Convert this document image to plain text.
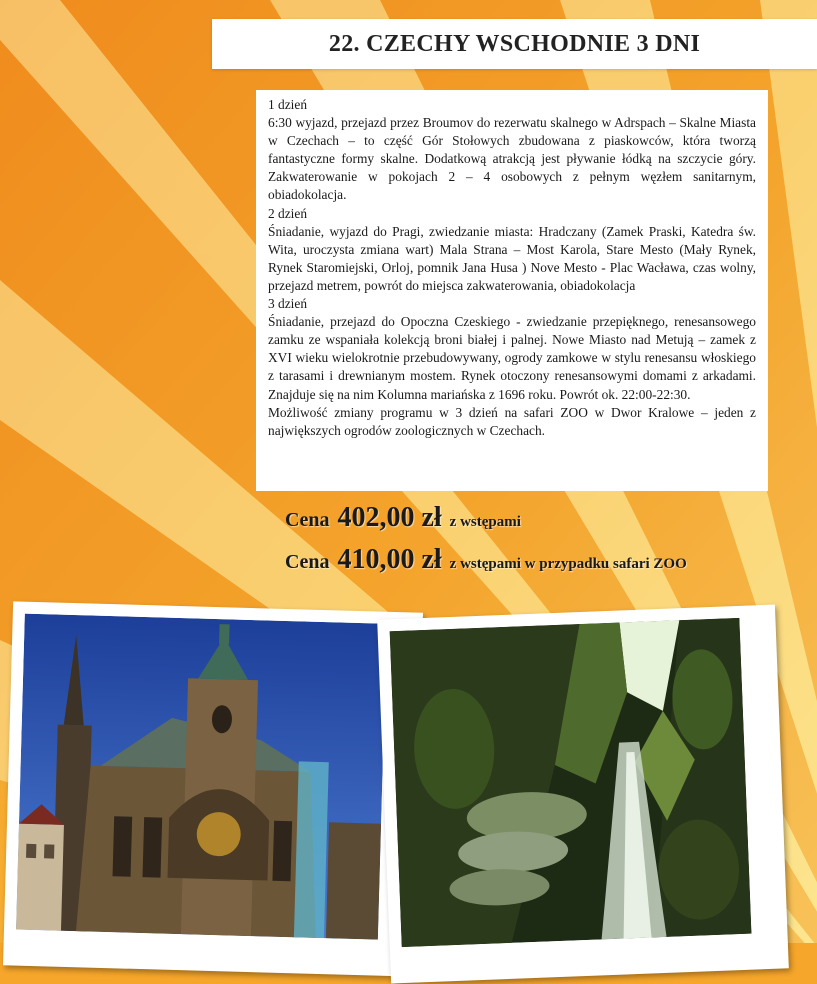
22. CZECHY WSCHODNIE 3 DNI

1 dzień

6:30 wyjazd, przejazd przez Broumov do rezerwatu skalnego w Adrspach – Skalne Miasta w Czechach – to część Gór Stołowych zbudowana z piaskowców, która tworzą fantastyczne formy skalne. Dodatkową atrakcją jest pływanie łódką na szczycie góry. Zakwaterowanie w pokojach 2 – 4 osobowych z pełnym węzłem sanitarnym, obiadokolacja.

2 dzień

Śniadanie, wyjazd do Pragi, zwiedzanie miasta: Hradczany (Zamek Praski, Katedra św. Wita, uroczysta zmiana wart) Mala Strana – Most Karola, Stare Mesto (Mały Rynek, Rynek Staromiejski, Orloj, pomnik Jana Husa ) Nove Mesto - Plac Wacława, czas wolny, przejazd metrem, powrót do miejsca zakwaterowania, obiadokolacja

3 dzień

Śniadanie, przejazd do Opoczna Czeskiego - zwiedzanie przepięknego, renesansowego zamku ze wspaniała kolekcją broni białej i palnej. Nowe Miasto nad Metują – zamek z XVI wieku wielokrotnie przebudowywany, ogrody zamkowe w stylu renesansu włoskiego z tarasami i drewnianym mostem. Rynek otoczony renesansowymi domami z arkadami. Znajduje się na nim Kolumna mariańska z 1696 roku. Powrót ok. 22:00-22:30.

Możliwość zmiany programu w 3 dzień na safari ZOO w Dwor Kralowe – jeden z największych ogrodów zoologicznych w Czechach.

Cena 402,00 zł z wstępami
Cena 410,00 zł z wstępami w przypadku safari ZOO
